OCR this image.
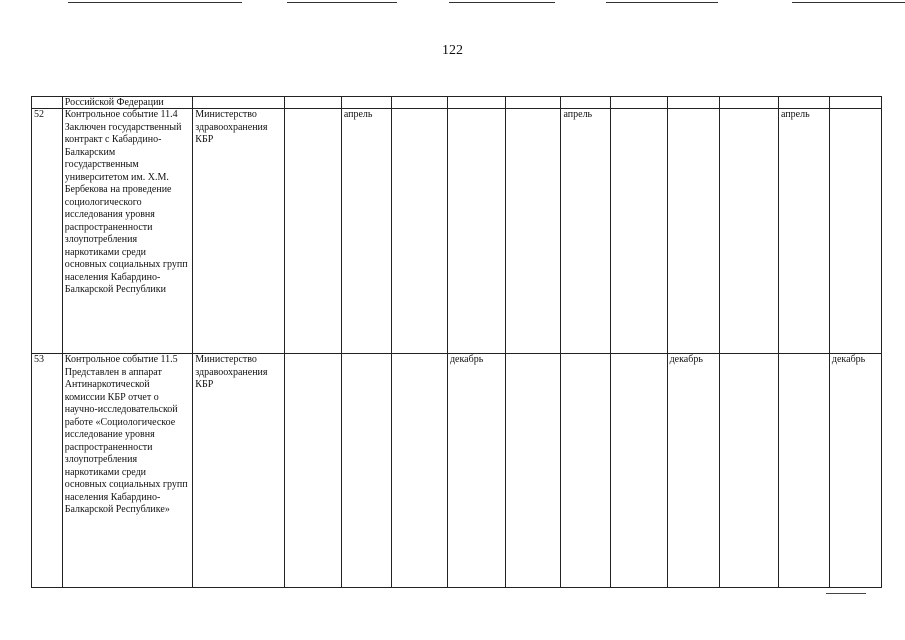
122
	Российской Федерации												
52	Контрольное событие 11.4 Заключен государственный контракт с Кабардино-Балкарским государственным университетом им. Х.М. Бербекова на проведение социологического исследования уровня распространенности злоупотребления наркотиками среди основных социальных групп населения Кабардино-Балкарской Республики	Министерство здравоохранения КБР		апрель				апрель				апрель	
53	Контрольное событие 11.5 Представлен в аппарат Антинаркотической комиссии КБР отчет о научно-исследовательской работе «Социологическое исследование уровня распространенности злоупотребления наркотиками среди основных социальных групп населения Кабардино-Балкарской Республике»	Министерство здравоохранения КБР				декабрь				декабрь			декабрь
